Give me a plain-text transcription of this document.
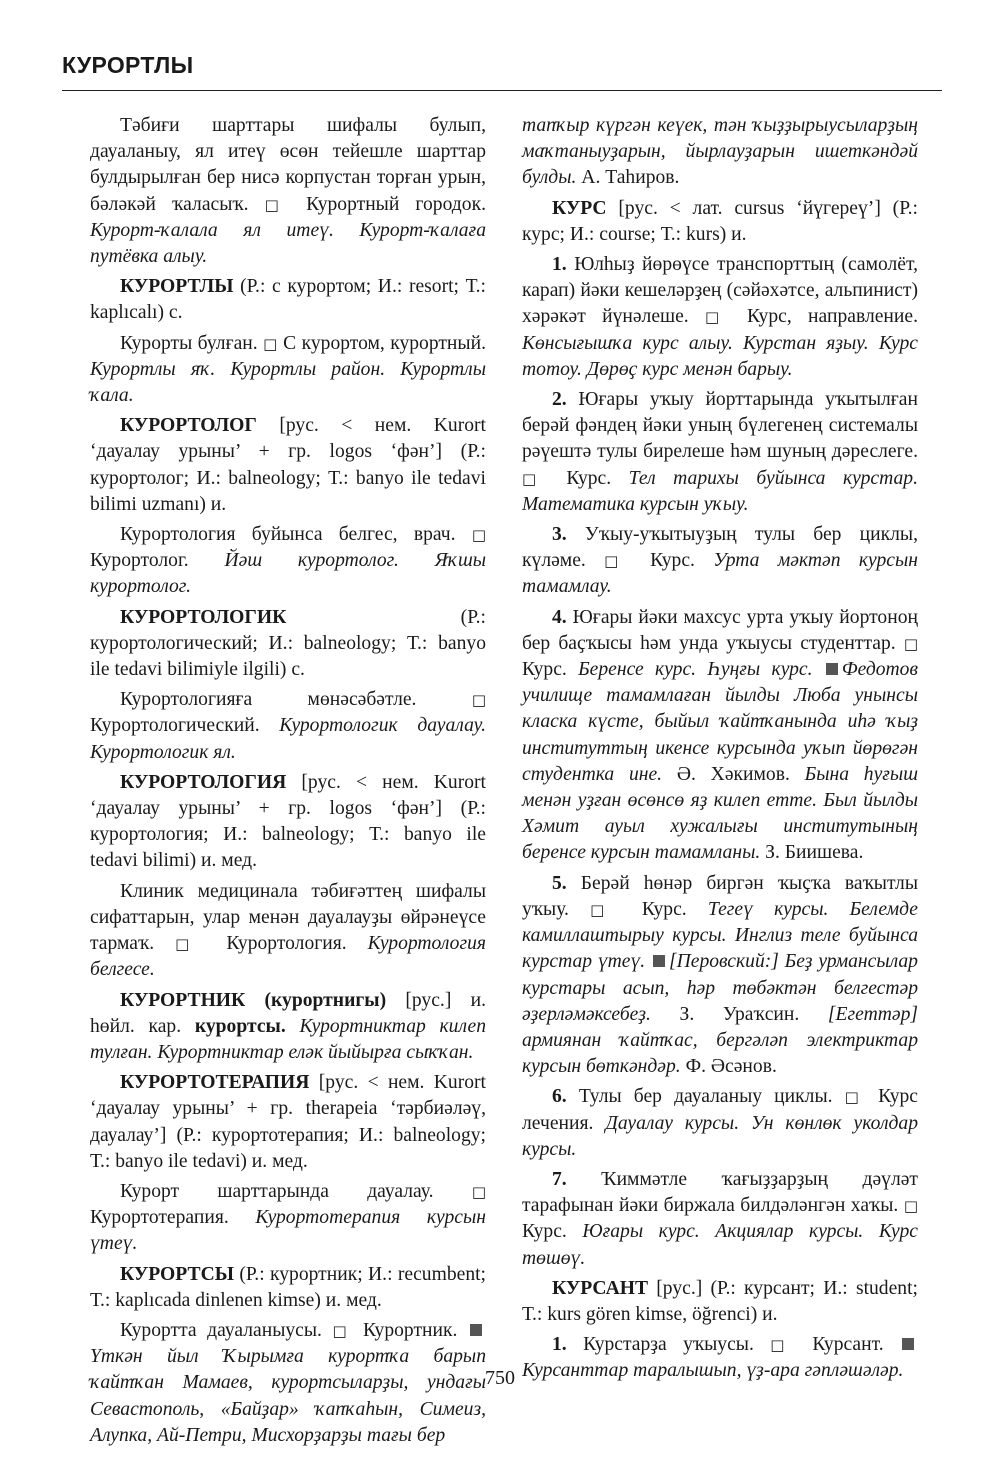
КУРОРТЛЫ

Тәбиғи шарттары шифалы булып, дауаланыу, ял итеү өсөн тейешле шарттар булдырылған бер нисә корпустан торған урын, бәләкәй ҡаласыҡ. □ Курортный городок. Курорт-ҡалала ял итеү. Курорт-ҡалаға путёвка алыу.

КУРОРТЛЫ (Р.: с курортом; И.: resort; Т.: kaplıcalı) с.

Курорты булған. □ С курортом, курортный. Курортлы яҡ. Курортлы район. Курортлы ҡала.

КУРОРТОЛОГ [рус. < нем. Kurort ‘дауалау урыны’ + гр. logos ‘фән’] (Р.: курортолог; И.: balneology; Т.: banyo ile tedavi bilimi uzmanı) и.

Курортология буйынса белгес, врач. □ Курортолог. Йәш курортолог. Яҡшы курортолог.

КУРОРТОЛОГИК (Р.: курортологический; И.: balneology; Т.: banyo ile tedavi bilimiyle ilgili) с.

Курортологияға мөнәсәбәтле.	□ Курортологический. Курортологик дауалау. Курортологик ял.

КУРОРТОЛОГИЯ [рус. < нем. Kurort ‘дауалау урыны’ + гр. logos ‘фән’] (Р.: курортология; И.: balneology; Т.: banyo ile tedavi bilimi) и. мед.

Клиник медицинала тәбиғәттең шифалы сифаттарын, улар менән дауалауҙы өйрәнеүсе тармаҡ. □ Курортология. Курортология белгесе.

КУРОРТНИК (курортнигы) [рус.] и. һөйл. кар. курортсы. Курортниктар килеп тулған. Курортниктар еләк йыйырға сыҡҡан.

КУРОРТОТЕРАПИЯ [рус. < нем. Kurort ‘дауалау урыны’ + гр. therapeia ‘тәрбиәләү, дауалау’] (Р.: курортотерапия; И.: balneology; Т.: banyo ile tedavi) и. мед.

Курорт шарттарында дауалау.	□ Курортотерапия. Курортотерапия курсын үтеү.

КУРОРТСЫ (Р.: курортник; И.: recumbent; Т.: kaplıcada dinlenen kimse) и. мед.

Курортта дауаланыусы. □ Курортник. Үткән йыл Ҡырымға курортҡа барып ҡайтҡан Мамаев, курортсыларҙы, ундағы Севастополь, «Байҙар» ҡапҡаһын, Симеиз, Алупка, Ай-Петри, Мисхорҙарҙы тағы бер

тапҡыр күргән кеүек, тән ҡыҙҙырыусыларҙың маҡтаныуҙарын, йырлауҙарын ишеткәндәй булды. А. Таһиров.

КУРС [рус. < лат. cursus ‘йүгереү’] (Р.: курс; И.: course; Т.: kurs) и.

1. Юлһыҙ йөрөүсе транспорттың (самолёт, карап) йәки кешеләрҙең (сәйәхәтсе, альпинист) хәрәкәт йүнәлеше. □ Курс, направление. Көнсығышҡа курс алыу. Курстан яҙыу. Курс тотоу. Дөрөҫ курс менән барыу.

2. Юғары уҡыу йорттарында уҡытылған берәй фәндең йәки уның бүлегенең системалы рәүештә тулы бирелеше һәм шуның дәреслеге. □ Курс. Тел тарихы буйынса курстар. Математика курсын уҡыу.

3. Уҡыу-уҡытыуҙың тулы бер циклы, күләме. □ Курс. Урта мәктәп курсын тамамлау.

4. Юғары йәки махсус урта уҡыу йортоноң бер баҫҡысы һәм унда уҡыусы студенттар. □ Курс. Беренсе курс. Һуңғы курс. Федотов училище тамамлаған йылды Люба унынсы класка күсте, быйыл ҡайтҡанында иһә ҡыҙ институттың икенсе курсында уҡып йөрөгән студентка ине. Ә. Хәкимов. Бына һуғыш менән уҙған өсөнсө яҙ килеп етте. Был йылды Хәмит ауыл хужалығы институтының беренсе курсын тамамланы. З. Биишева.

5. Берәй һөнәр биргән ҡыҫҡа ваҡытлы уҡыу. □ Курс. Тегеү курсы. Белемде камиллаштырыу курсы. Инглиз теле буйынса курстар үтеү. [Перовский:] Беҙ урмансылар курстары асып, һәр төбәктән белгестәр әҙерләмәксебеҙ. З. Ураҡсин. [Егеттәр] армиянан ҡайтҡас, бергәләп электриктар курсын бөткәндәр. Ф. Әсәнов.

6. Тулы бер дауаланыу циклы. □ Курс лечения. Дауалау курсы. Ун көнлөк уколдар курсы.

7. Ҡиммәтле ҡағыҙҙарҙың дәүләт тарафынан йәки биржала билдәләнгән хаҡы. □ Курс. Юғары курс. Акциялар курсы. Курс төшөү.

КУРСАНТ [рус.] (Р.: курсант; И.: student; Т.: kurs gören kimse, öğrenci) и.

1. Курстарҙа уҡыусы. □ Курсант. Курсанттар таралышып, үҙ-ара гәпләшәләр.

750
